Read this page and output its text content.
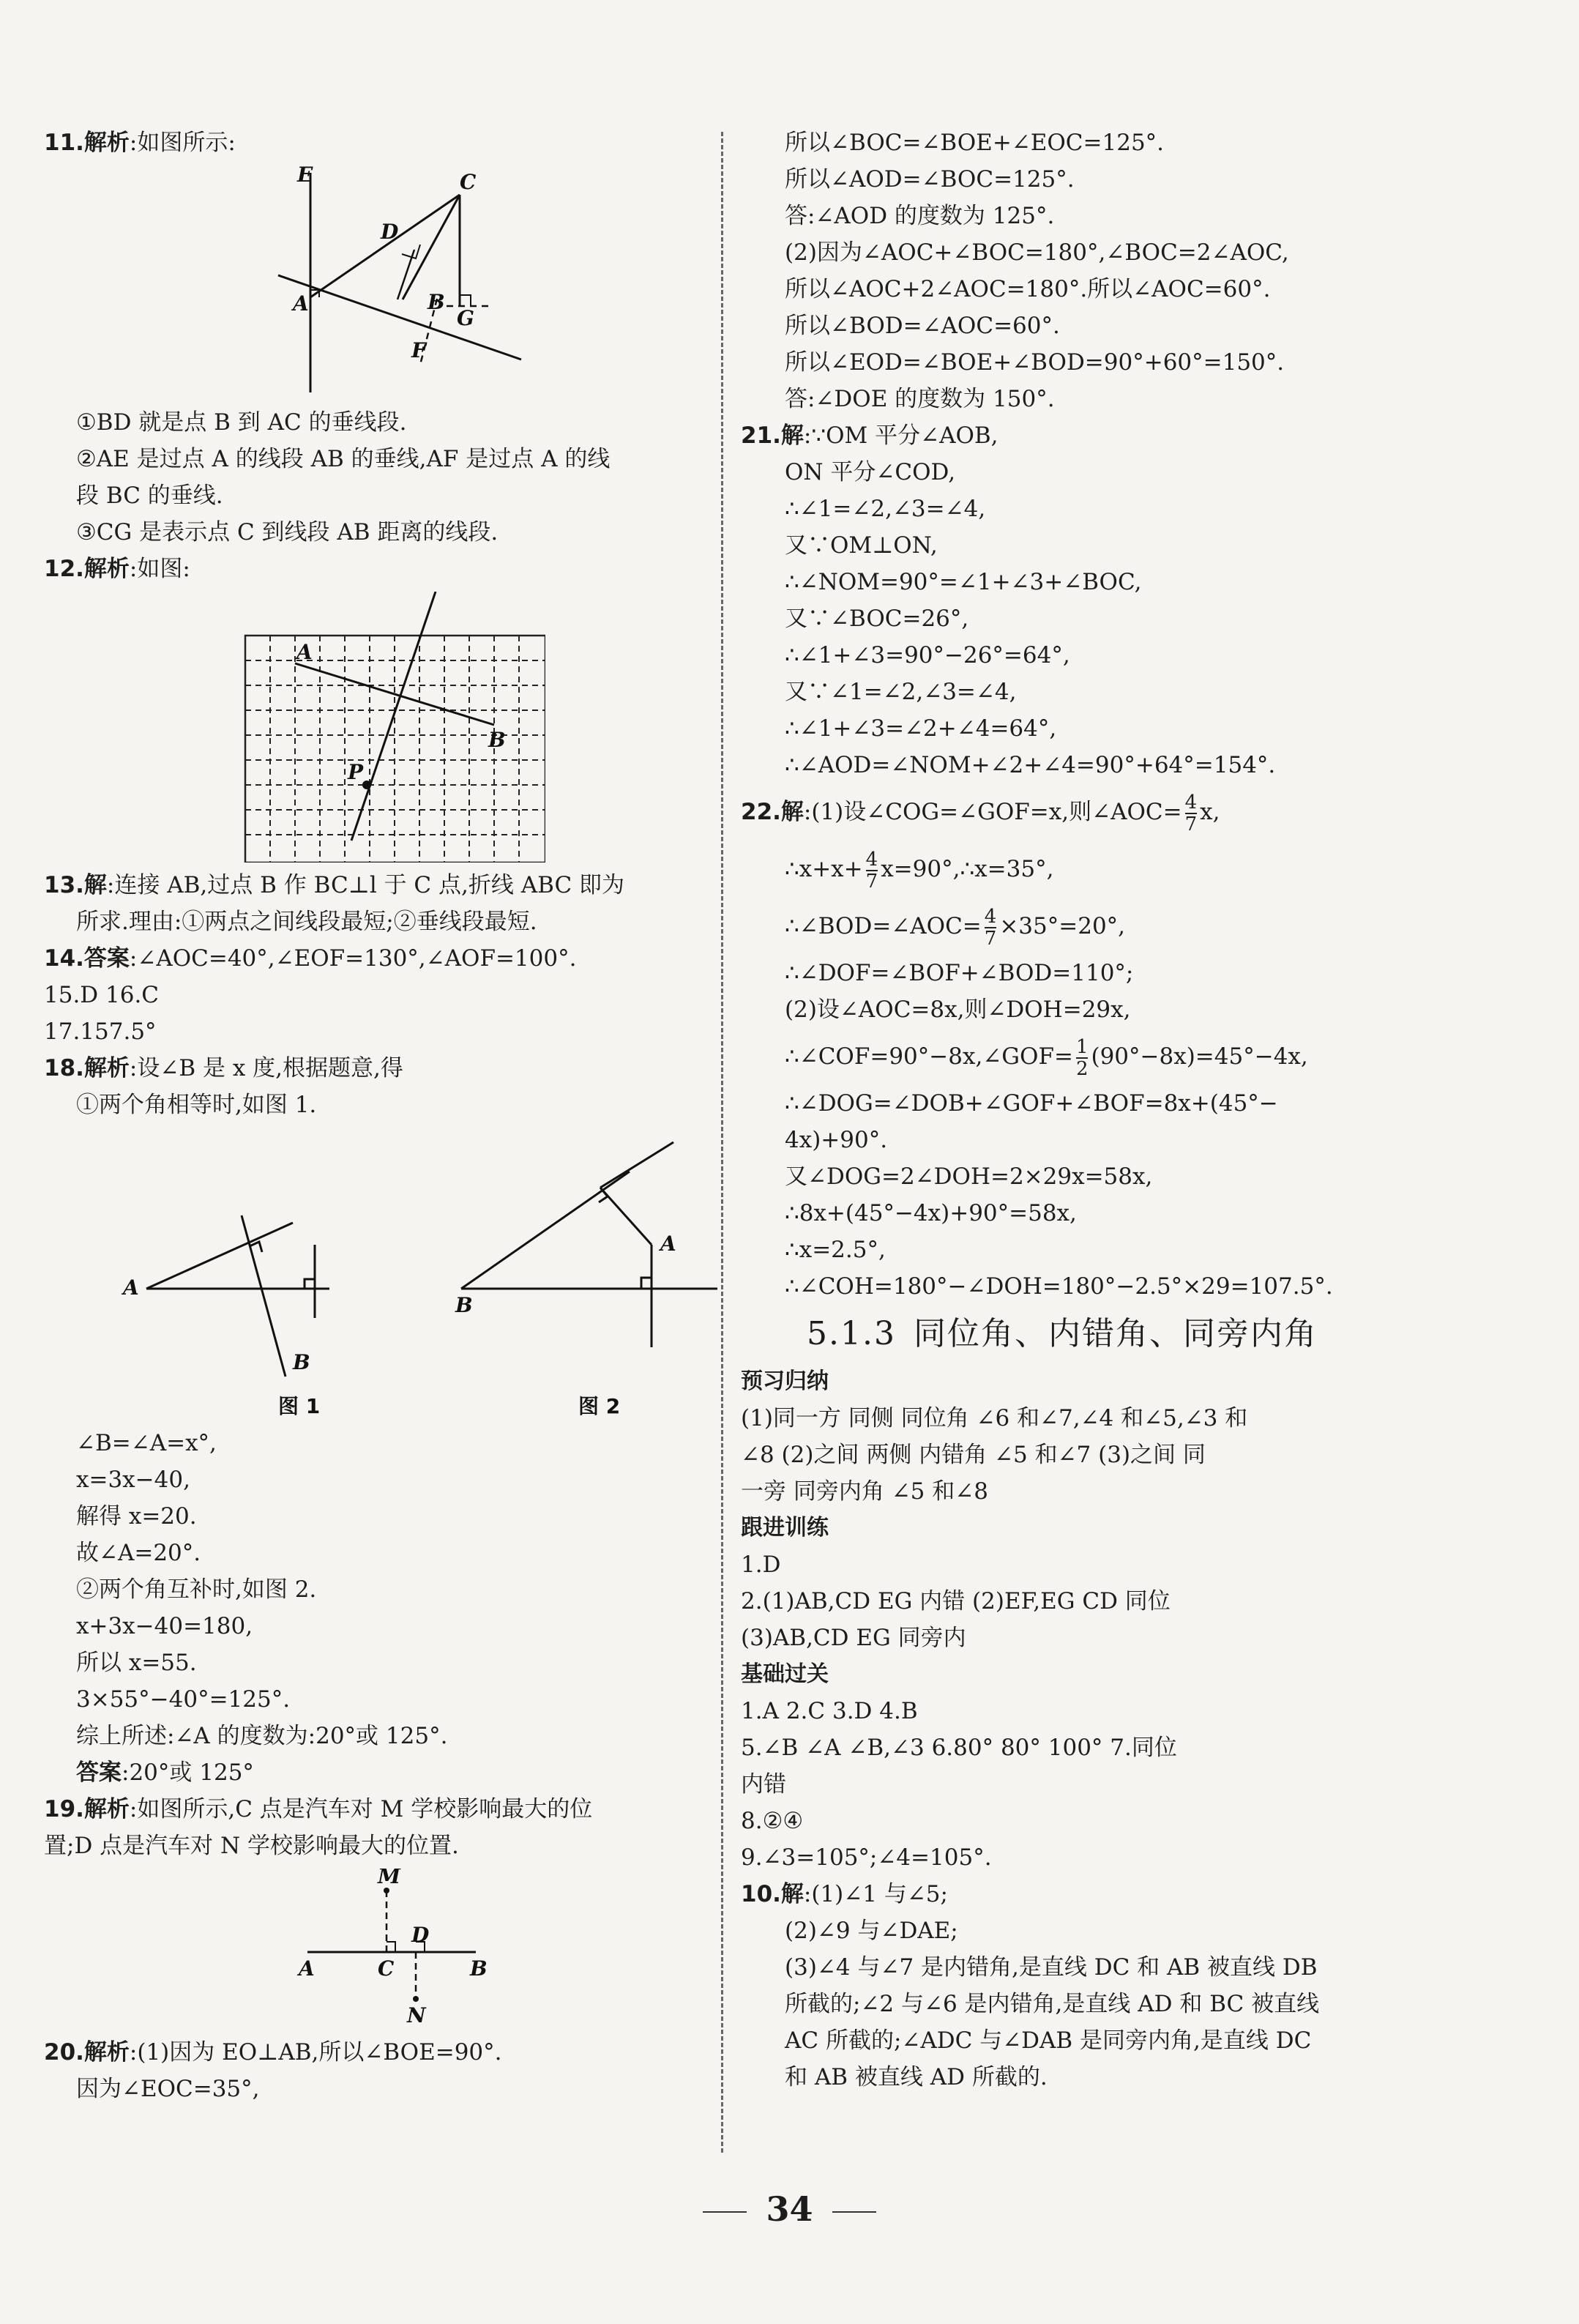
11.解析:如图所示:
E	C
D
A	B
G
F
①BD 就是点 B 到 AC 的垂线段.
②AE 是过点 A 的线段 AB 的垂线,AF 是过点 A 的线
段 BC 的垂线.
③CG 是表示点 C 到线段 AB 距离的线段.
12.解析:如图:
A
B
P
13.解:连接 AB,过点 B 作 BC⊥l 于 C 点,折线 ABC 即为
所求.理由:①两点之间线段最短;②垂线段最短.
14.答案:∠AOC=40°,∠EOF=130°,∠AOF=100°.
15.D 16.C
17.157.5°
18.解析:设∠B 是 x 度,根据题意,得
①两个角相等时,如图 1.
A
B
图 1
A
B
图 2
∠B=∠A=x°,
x=3x−40,
解得 x=20.
故∠A=20°.
②两个角互补时,如图 2.
x+3x−40=180,
所以 x=55.
3×55°−40°=125°.
综上所述:∠A 的度数为:20°或 125°.
答案:20°或 125°
19.解析:如图所示,C 点是汽车对 M 学校影响最大的位
置;D 点是汽车对 N 学校影响最大的位置.
M
A	C
D
B
N
20.解析:(1)因为 EO⊥AB,所以∠BOE=90°.
因为∠EOC=35°,
所以∠BOC=∠BOE+∠EOC=125°.
所以∠AOD=∠BOC=125°.
答:∠AOD 的度数为 125°.
(2)因为∠AOC+∠BOC=180°,∠BOC=2∠AOC,
所以∠AOC+2∠AOC=180°.所以∠AOC=60°.
所以∠BOD=∠AOC=60°.
所以∠EOD=∠BOE+∠BOD=90°+60°=150°.
答:∠DOE 的度数为 150°.
21.解:∵OM 平分∠AOB,
ON 平分∠COD,
∴∠1=∠2,∠3=∠4,
又∵OM⊥ON,
∴∠NOM=90°=∠1+∠3+∠BOC,
又∵∠BOC=26°,
∴∠1+∠3=90°−26°=64°,
又∵∠1=∠2,∠3=∠4,
∴∠1+∠3=∠2+∠4=64°,
∴∠AOD=∠NOM+∠2+∠4=90°+64°=154°.
22.解:(1)设∠COG=∠GOF=x,则∠AOC= $\frac{4}{7} x$,
∴x+x+ $\frac{4}{7}$ x=90°,∴x=35°,
∴∠BOD=∠AOC= $\frac{4}{7} \times 35^\circ=20^\circ$,
∴∠DOF=∠BOF+∠BOD=110°;
(2)设∠AOC=8x,则∠DOH=29x,
∴∠COF=90°−8x,∠GOF= $\frac{1}{2} (90^\circ-8x)=45^\circ-4x$,
∴∠DOG=∠DOB+∠GOF+∠BOF=8x+(45°−
4x)+90°.
又∠DOG=2∠DOH=2×29x=58x,
∴8x+(45°−4x)+90°=58x,
∴x=2.5°,
∴∠COH=180°−∠DOH=180°−2.5°×29=107.5°.
5.1.3 同位角、内错角、同旁内角
预习归纳
(1)同一方 同侧 同位角 ∠6 和∠7,∠4 和∠5,∠3 和
∠8 (2)之间 两侧 内错角 ∠5 和∠7 (3)之间 同
一旁 同旁内角 ∠5 和∠8
跟进训练
1.D
2.(1)AB,CD EG 内错 (2)EF,EG CD 同位
(3)AB,CD EG 同旁内
基础过关
1.A 2.C 3.D 4.B
5.∠B ∠A ∠B,∠3 6.80° 80° 100° 7.同位
内错
8.②④
9.∠3=105°;∠4=105°.
10.解:(1)∠1 与∠5;
(2)∠9 与∠DAE;
(3)∠4 与∠7 是内错角,是直线 DC 和 AB 被直线 DB
所截的;∠2 与∠6 是内错角,是直线 AD 和 BC 被直线
AC 所截的;∠ADC 与∠DAB 是同旁内角,是直线 DC
和 AB 被直线 AD 所截的.
34
